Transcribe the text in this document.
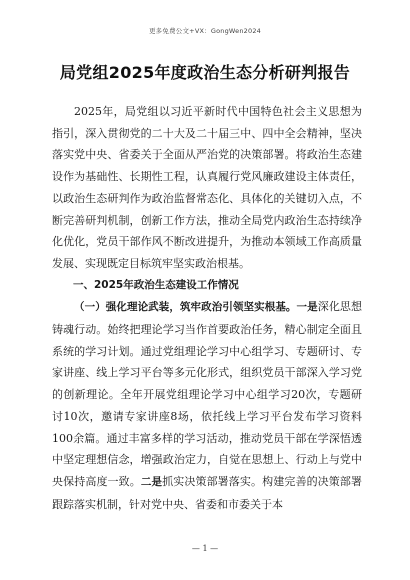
更多免费公文+VX：GongWen2024
局党组2025年度政治生态分析研判报告

2025年，局党组以习近平新时代中国特色社会主义思想为指引，深入贯彻党的二十大及二十届三中、四中全会精神，坚决落实党中央、省委关于全面从严治党的决策部署。将政治生态建设作为基础性、长期性工程，认真履行党风廉政建设主体责任，以政治生态研判作为政治监督常态化、具体化的关键切入点，不断完善研判机制，创新工作方法，推动全局党内政治生态持续净化优化，党员干部作风不断改进提升，为推动本领域工作高质量发展、实现既定目标筑牢坚实政治根基。

一、2025年政治生态建设工作情况

（一）强化理论武装，筑牢政治引领坚实根基。一是深化思想铸魂行动。始终把理论学习当作首要政治任务，精心制定全面且系统的学习计划。通过党组理论学习中心组学习、专题研讨、专家讲座、线上学习平台等多元化形式，组织党员干部深入学习党的创新理论。全年开展党组理论学习中心组学习20次，专题研讨10次，邀请专家讲座8场，依托线上学习平台发布学习资料100余篇。通过丰富多样的学习活动，推动党员干部在学深悟透中坚定理想信念，增强政治定力，自觉在思想上、行动上与党中央保持高度一致。二是抓实决策部署落实。构建完善的决策部署跟踪落实机制，针对党中央、省委和市委关于本

— 1 —
